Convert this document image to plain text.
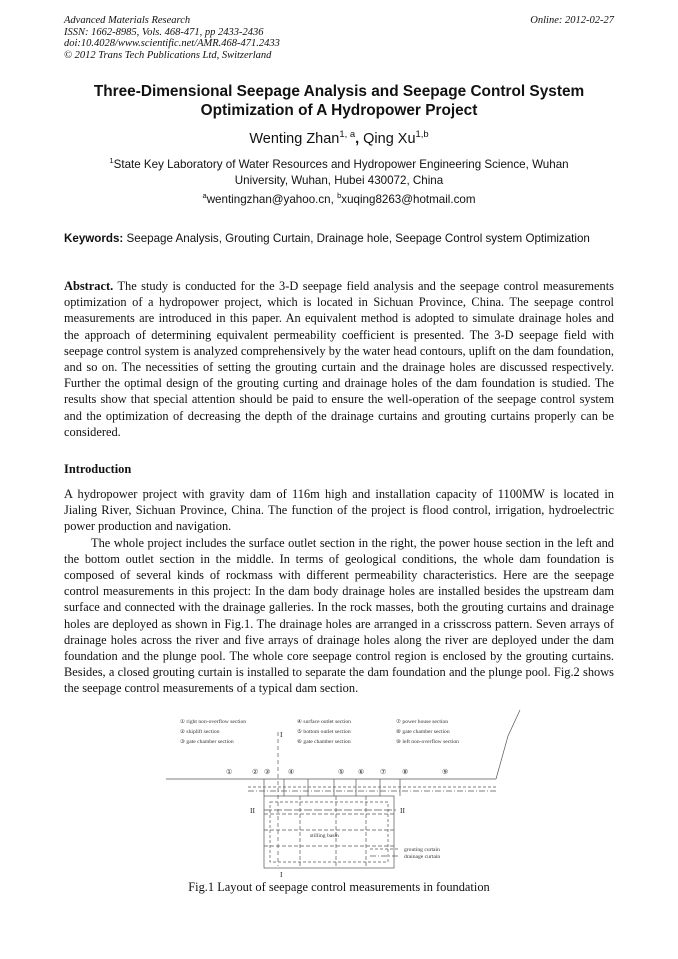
Advanced Materials Research
ISSN: 1662-8985, Vols. 468-471, pp 2433-2436
doi:10.4028/www.scientific.net/AMR.468-471.2433
© 2012 Trans Tech Publications Ltd, Switzerland
Online: 2012-02-27
Three-Dimensional Seepage Analysis and Seepage Control System
Optimization of A Hydropower Project
Wenting Zhan$^{1, a}$, Qing Xu$^{1,b}$
$^1$State Key Laboratory of Water Resources and Hydropower Engineering Science, Wuhan
University, Wuhan, Hubei 430072, China
$^a$wentingzhan@yahoo.cn, $^b$xuqing8263@hotmail.com
Keywords: Seepage Analysis, Grouting Curtain, Drainage hole, Seepage Control system Optimization
Abstract. The study is conducted for the 3-D seepage field analysis and the seepage control measurements optimization of a hydropower project, which is located in Sichuan Province, China. The seepage control measurements are introduced in this paper. An equivalent method is adopted to simulate drainage holes and the approach of determining equivalent permeability coefficient is presented. The 3-D seepage field with seepage control system is analyzed comprehensively by the water head contours, uplift on the dam foundation, and so on. The necessities of setting the grouting curtain and the drainage holes are discussed respectively. Further the optimal design of the grouting curting and drainage holes of the dam foundation is studied. The results show that special attention should be paid to ensure the well-operation of the seepage control system and the optimization of decreasing the depth of the drainage curtains and grouting curtains properly can be considered.
Introduction
A hydropower project with gravity dam of 116m high and installation capacity of 1100MW is located in Jialing River, Sichuan Province, China. The function of the project is flood control, irrigation, hydroelectric power production and navigation.
The whole project includes the surface outlet section in the right, the power house section in the left and the bottom outlet section in the middle. In terms of geological conditions, the whole dam foundation is composed of several kinds of rockmass with different permeability characteristics. Here are the seepage control measurements in this project: In the dam body drainage holes are installed besides the upstream dam surface and connected with the drainage galleries. In the rock masses, both the grouting curtains and drainage holes are deployed as shown in Fig.1. The drainage holes are arranged in a crisscross pattern. Seven arrays of drainage holes across the river and five arrays of drainage holes along the river are deployed under the dam foundation and the plunge pool. The whole core seepage control region is enclosed by the grouting curtains. Besides, a closed grouting curtain is installed to separate the dam foundation and the plunge pool. Fig.2 shows the seepage control measurements of a typical dam section.
① right non-overflow section
② shiplift section
③ gate chamber section
④ surface outlet section
⑤ bottom outlet section
⑥ gate chamber section
⑦ power house section
⑧ gate chamber section
⑨ left non-overflow section
①	② ③	④	⑤ ⑥ ⑦ ⑧	⑨
I
I
II	II
stilling basin
grouting curtain
drainage curtain
Fig.1 Layout of seepage control measurements in foundation
